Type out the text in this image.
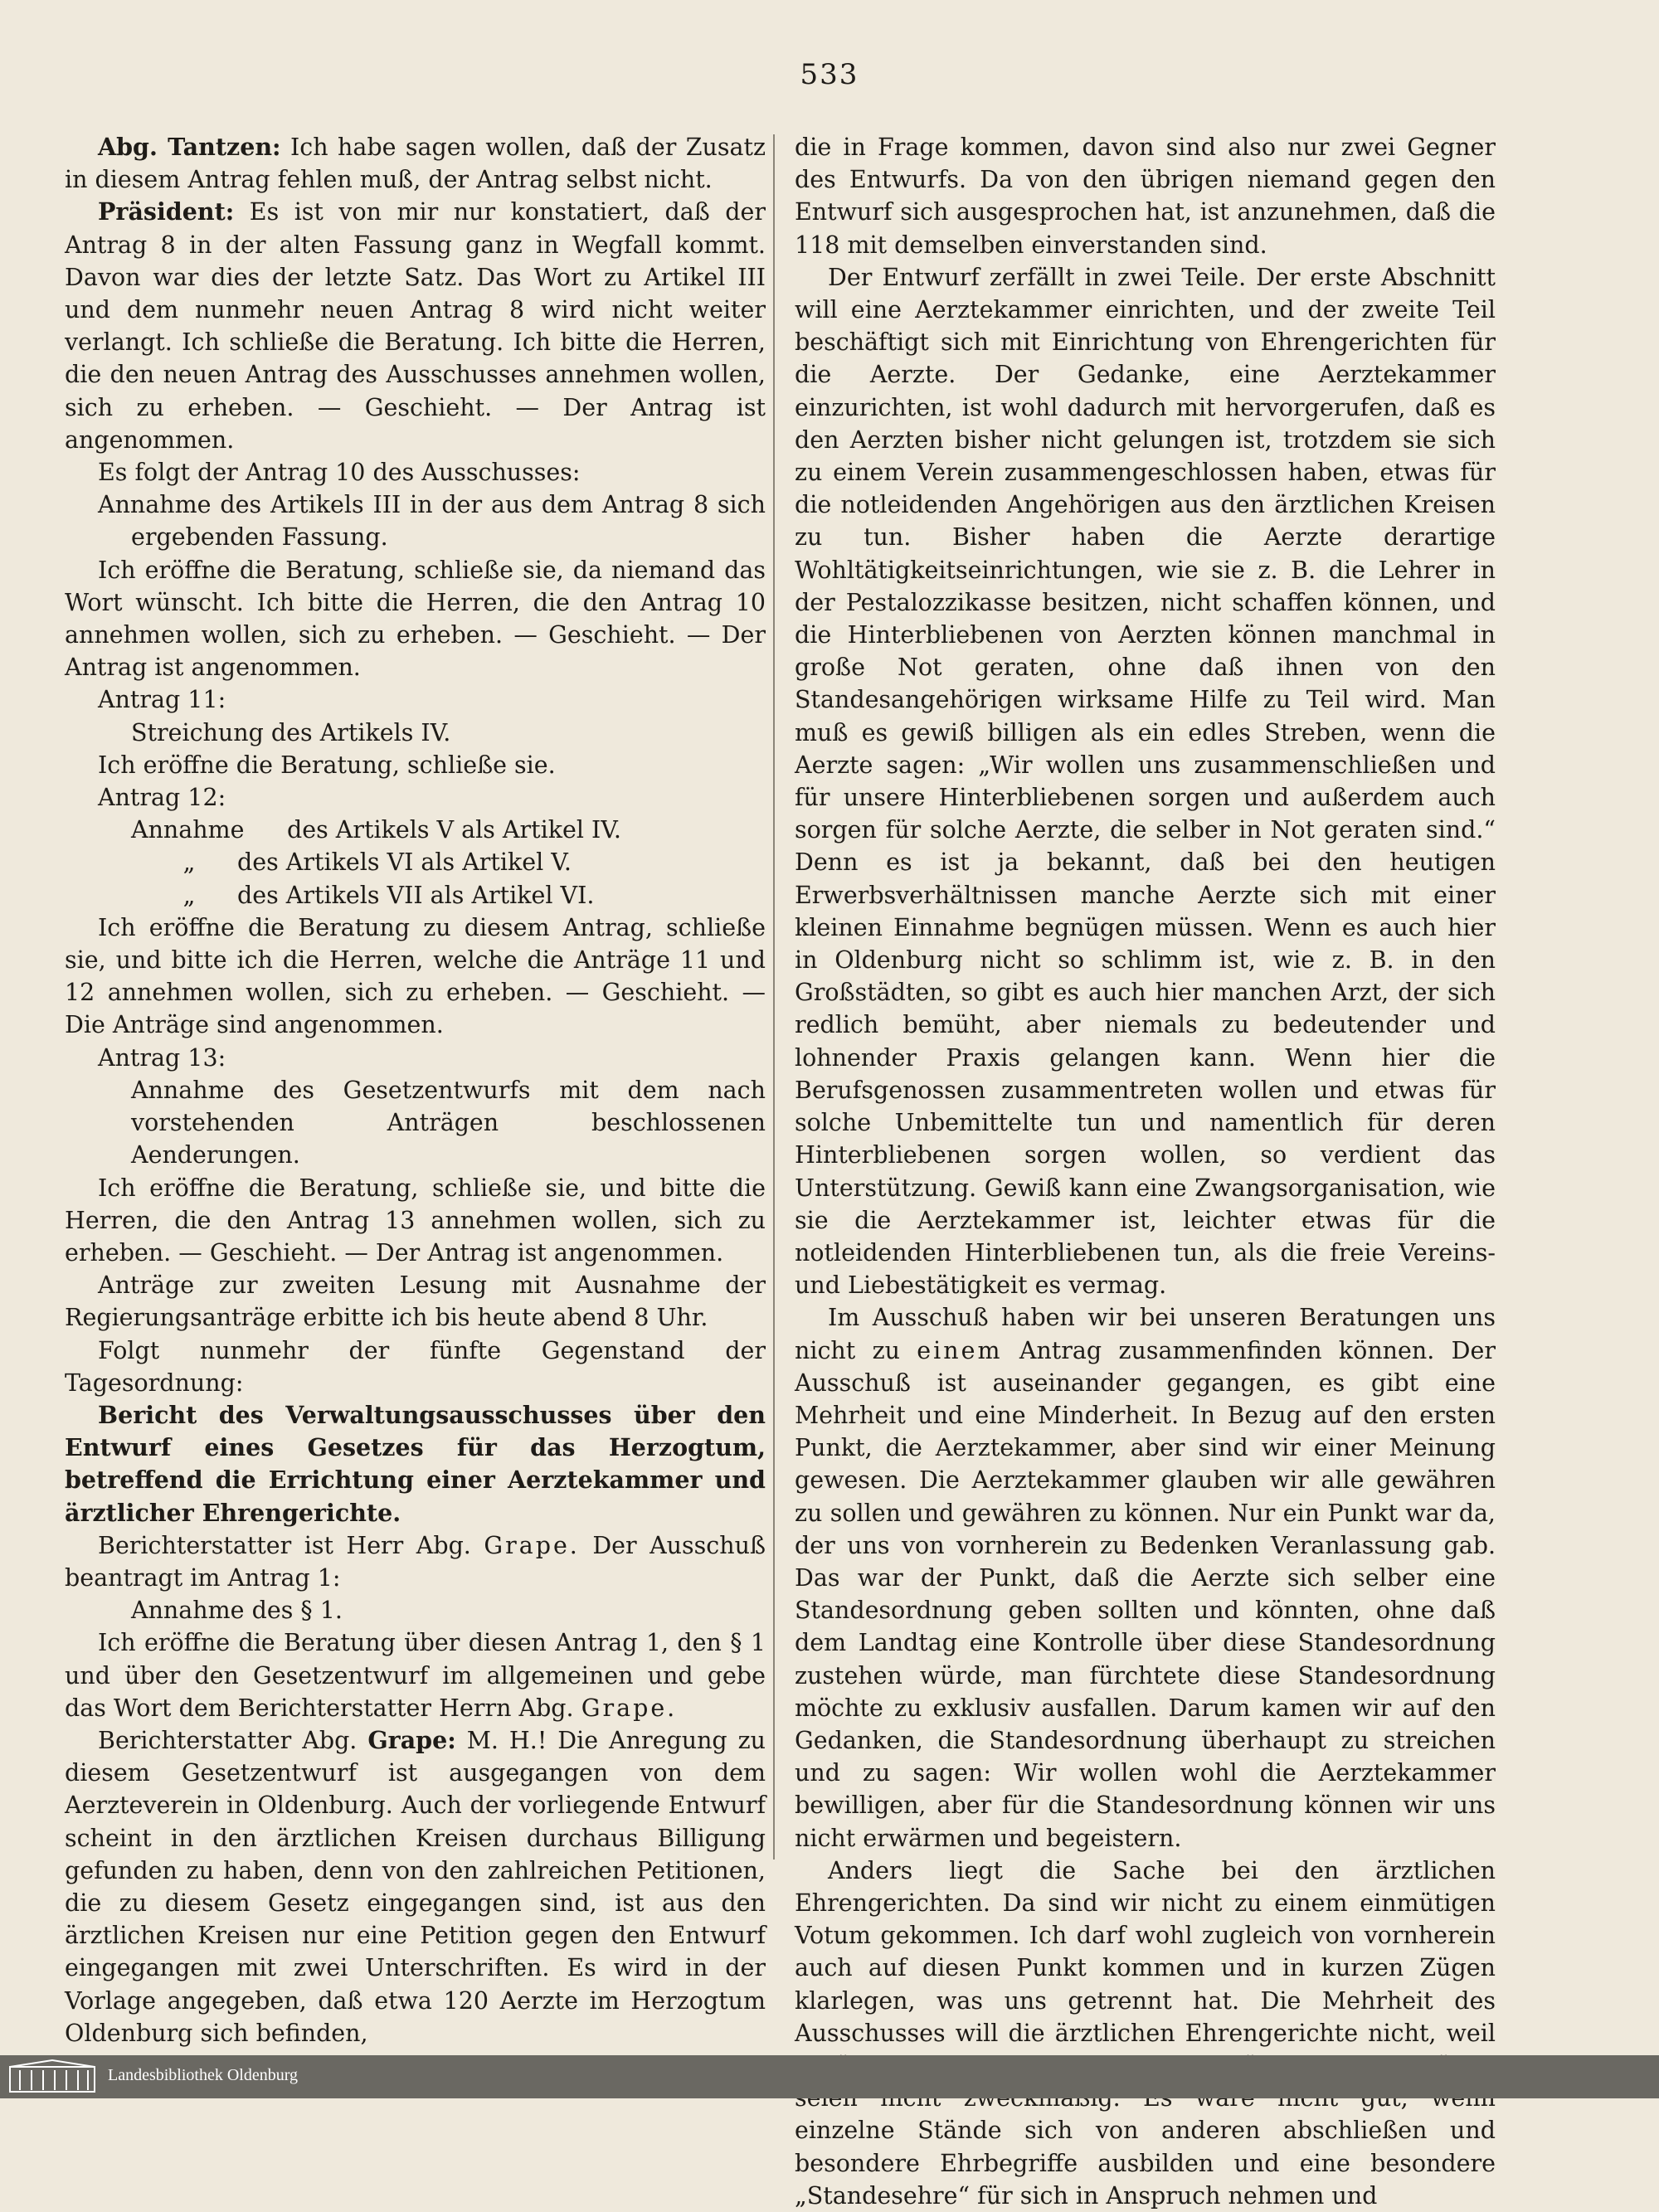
533

Abg. Tantzen: Ich habe sagen wollen, daß der Zusatz in diesem Antrag fehlen muß, der Antrag selbst nicht.

Präsident: Es ist von mir nur konstatiert, daß der Antrag 8 in der alten Fassung ganz in Wegfall kommt. Davon war dies der letzte Satz. Das Wort zu Artikel III und dem nunmehr neuen Antrag 8 wird nicht weiter verlangt. Ich schließe die Beratung. Ich bitte die Herren, die den neuen Antrag des Ausschusses annehmen wollen, sich zu erheben. — Geschieht. — Der Antrag ist angenommen.

Es folgt der Antrag 10 des Ausschusses:

Annahme des Artikels III in der aus dem Antrag 8 sich ergebenden Fassung.

Ich eröffne die Beratung, schließe sie, da niemand das Wort wünscht. Ich bitte die Herren, die den Antrag 10 annehmen wollen, sich zu erheben. — Geschieht. — Der Antrag ist angenommen.

Antrag 11:

Streichung des Artikels IV.

Ich eröffne die Beratung, schließe sie.

Antrag 12:

Annahme	des Artikels V als Artikel IV.
„	des Artikels VI als Artikel V.
„	des Artikels VII als Artikel VI.

Ich eröffne die Beratung zu diesem Antrag, schließe sie, und bitte ich die Herren, welche die Anträge 11 und 12 annehmen wollen, sich zu erheben. — Geschieht. — Die Anträge sind angenommen.

Antrag 13:

Annahme des Gesetzentwurfs mit dem nach vorstehenden Anträgen beschlossenen Aenderungen.

Ich eröffne die Beratung, schließe sie, und bitte die Herren, die den Antrag 13 annehmen wollen, sich zu erheben. — Geschieht. — Der Antrag ist angenommen.

Anträge zur zweiten Lesung mit Ausnahme der Regierungsanträge erbitte ich bis heute abend 8 Uhr.

Folgt nunmehr der fünfte Gegenstand der Tagesordnung:

Bericht des Verwaltungsausschusses über den Entwurf eines Gesetzes für das Herzogtum, betreffend die Errichtung einer Aerztekammer und ärztlicher Ehrengerichte.

Berichterstatter ist Herr Abg. Grape. Der Ausschuß beantragt im Antrag 1:

Annahme des § 1.

Ich eröffne die Beratung über diesen Antrag 1, den § 1 und über den Gesetzentwurf im allgemeinen und gebe das Wort dem Berichterstatter Herrn Abg. Grape.

Berichterstatter Abg. Grape: M. H.! Die Anregung zu diesem Gesetzentwurf ist ausgegangen von dem Aerzteverein in Oldenburg. Auch der vorliegende Entwurf scheint in den ärztlichen Kreisen durchaus Billigung gefunden zu haben, denn von den zahlreichen Petitionen, die zu diesem Gesetz eingegangen sind, ist aus den ärztlichen Kreisen nur eine Petition gegen den Entwurf eingegangen mit zwei Unterschriften. Es wird in der Vorlage angegeben, daß etwa 120 Aerzte im Herzogtum Oldenburg sich befinden,

die in Frage kommen, davon sind also nur zwei Gegner des Entwurfs. Da von den übrigen niemand gegen den Entwurf sich ausgesprochen hat, ist anzunehmen, daß die 118 mit demselben einverstanden sind.

Der Entwurf zerfällt in zwei Teile. Der erste Abschnitt will eine Aerztekammer einrichten, und der zweite Teil beschäftigt sich mit Einrichtung von Ehrengerichten für die Aerzte. Der Gedanke, eine Aerztekammer einzurichten, ist wohl dadurch mit hervorgerufen, daß es den Aerzten bisher nicht gelungen ist, trotzdem sie sich zu einem Verein zusammengeschlossen haben, etwas für die notleidenden Angehörigen aus den ärztlichen Kreisen zu tun. Bisher haben die Aerzte derartige Wohltätigkeitseinrichtungen, wie sie z. B. die Lehrer in der Pestalozzikasse besitzen, nicht schaffen können, und die Hinterbliebenen von Aerzten können manchmal in große Not geraten, ohne daß ihnen von den Standesangehörigen wirksame Hilfe zu Teil wird. Man muß es gewiß billigen als ein edles Streben, wenn die Aerzte sagen: „Wir wollen uns zusammenschließen und für unsere Hinterbliebenen sorgen und außerdem auch sorgen für solche Aerzte, die selber in Not geraten sind.“ Denn es ist ja bekannt, daß bei den heutigen Erwerbsverhältnissen manche Aerzte sich mit einer kleinen Einnahme begnügen müssen. Wenn es auch hier in Oldenburg nicht so schlimm ist, wie z. B. in den Großstädten, so gibt es auch hier manchen Arzt, der sich redlich bemüht, aber niemals zu bedeutender und lohnender Praxis gelangen kann. Wenn hier die Berufsgenossen zusammentreten wollen und etwas für solche Unbemittelte tun und namentlich für deren Hinterbliebenen sorgen wollen, so verdient das Unterstützung. Gewiß kann eine Zwangsorganisation, wie sie die Aerztekammer ist, leichter etwas für die notleidenden Hinterbliebenen tun, als die freie Vereins- und Liebestätigkeit es vermag.

Im Ausschuß haben wir bei unseren Beratungen uns nicht zu einem Antrag zusammenfinden können. Der Ausschuß ist auseinander gegangen, es gibt eine Mehrheit und eine Minderheit. In Bezug auf den ersten Punkt, die Aerztekammer, aber sind wir einer Meinung gewesen. Die Aerztekammer glauben wir alle gewähren zu sollen und gewähren zu können. Nur ein Punkt war da, der uns von vornherein zu Bedenken Veranlassung gab. Das war der Punkt, daß die Aerzte sich selber eine Standesordnung geben sollten und könnten, ohne daß dem Landtag eine Kontrolle über diese Standesordnung zustehen würde, man fürchtete diese Standesordnung möchte zu exklusiv ausfallen. Darum kamen wir auf den Gedanken, die Standesordnung überhaupt zu streichen und zu sagen: Wir wollen wohl die Aerztekammer bewilligen, aber für die Standesordnung können wir uns nicht erwärmen und begeistern.

Anders liegt die Sache bei den ärztlichen Ehrengerichten. Da sind wir nicht zu einem einmütigen Votum gekommen. Ich darf wohl zugleich von vornherein auch auf diesen Punkt kommen und in kurzen Zügen klarlegen, was uns getrennt hat. Die Mehrheit des Ausschusses will die ärztlichen Ehrengerichte nicht, weil einzelne Stände sich von anderen abschließen und besondere Ehrbegriffe ausbilden und eine besondere „Standesehre“ für sich in Anspruch nehmen und

Landesbibliothek Oldenburg
